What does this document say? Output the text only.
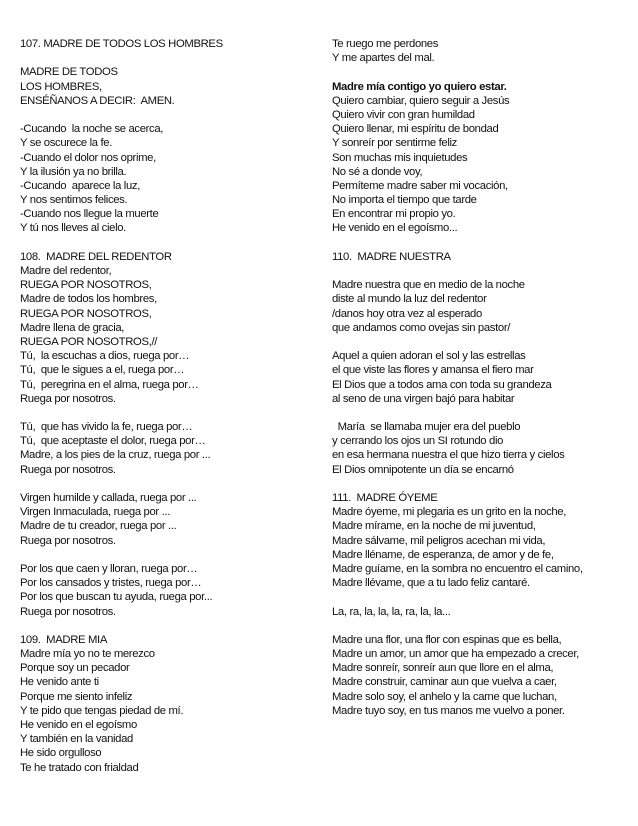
107. MADRE DE TODOS LOS HOMBRES
MADRE DE TODOS
LOS HOMBRES,
ENSÉÑANOS A DECIR:  AMEN.
-Cucando  la noche se acerca,
Y se oscurece la fe.
-Cuando el dolor nos oprime,
Y la ilusión ya no brilla.
-Cucando  aparece la luz,
Y nos sentimos felices.
-Cuando nos llegue la muerte
Y tú nos lleves al cielo.
108.  MADRE DEL REDENTOR
Madre del redentor,
RUEGA POR NOSOTROS,
Madre de todos los hombres,
RUEGA POR NOSOTROS,
Madre llena de gracia,
RUEGA POR NOSOTROS,//
Tú,  la escuchas a dios, ruega por…
Tú,  que le sigues a el, ruega por…
Tú,  peregrina en el alma, ruega por…
Ruega por nosotros.
Tú,  que has vivido la fe, ruega por…
Tú,  que aceptaste el dolor, ruega por…
Madre, a los pies de la cruz, ruega por ...
Ruega por nosotros.
Virgen humilde y callada, ruega por ...
Virgen Inmaculada, ruega por ...
Madre de tu creador, ruega por ...
Ruega por nosotros.
Por los que caen y lloran, ruega por…
Por los cansados y tristes, ruega por…
Por los que buscan tu ayuda, ruega por...
Ruega por nosotros.
109.  MADRE MIA
Madre mía yo no te merezco
Porque soy un pecador
He venido ante ti
Porque me siento infeliz
Y te pido que tengas piedad de mí.
He venido en el egoísmo
Y también en la vanidad
He sido orgulloso
Te he tratado con frialdad
Te ruego me perdones
Y me apartes del mal.
Madre mía contigo yo quiero estar.
Quiero cambiar, quiero seguir a Jesús
Quiero vivir con gran humildad
Quiero llenar, mi espíritu de bondad
Y sonreír por sentirme feliz
Son muchas mis inquietudes
No sé a donde voy,
Permíteme madre saber mi vocación,
No importa el tiempo que tarde
En encontrar mi propio yo.
He venido en el egoísmo...
110.  MADRE NUESTRA
Madre nuestra que en medio de la noche
diste al mundo la luz del redentor
/danos hoy otra vez al esperado
que andamos como ovejas sin pastor/
Aquel a quien adoran el sol y las estrellas
el que viste las flores y amansa el fiero mar
El Dios que a todos ama con toda su grandeza
al seno de una virgen bajó para habitar
María  se llamaba mujer era del pueblo
y cerrando los ojos un SI rotundo dio
en esa hermana nuestra el que hizo tierra y cielos
El Dios omnipotente un día se encarnó
111.  MADRE ÓYEME
Madre óyeme, mi plegaria es un grito en la noche,
Madre mírame, en la noche de mi juventud,
Madre sálvame, mil peligros acechan mi vida,
Madre lléname, de esperanza, de amor y de fe,
Madre guíame, en la sombra no encuentro el camino,
Madre llévame, que a tu lado feliz cantaré.
La, ra, la, la, la, ra, la, la...
Madre una flor, una flor con espinas que es bella,
Madre un amor, un amor que ha empezado a crecer,
Madre sonreír, sonreír aun que llore en el alma,
Madre construir, caminar aun que vuelva a caer,
Madre solo soy, el anhelo y la carne que luchan,
Madre tuyo soy, en tus manos me vuelvo a poner.
